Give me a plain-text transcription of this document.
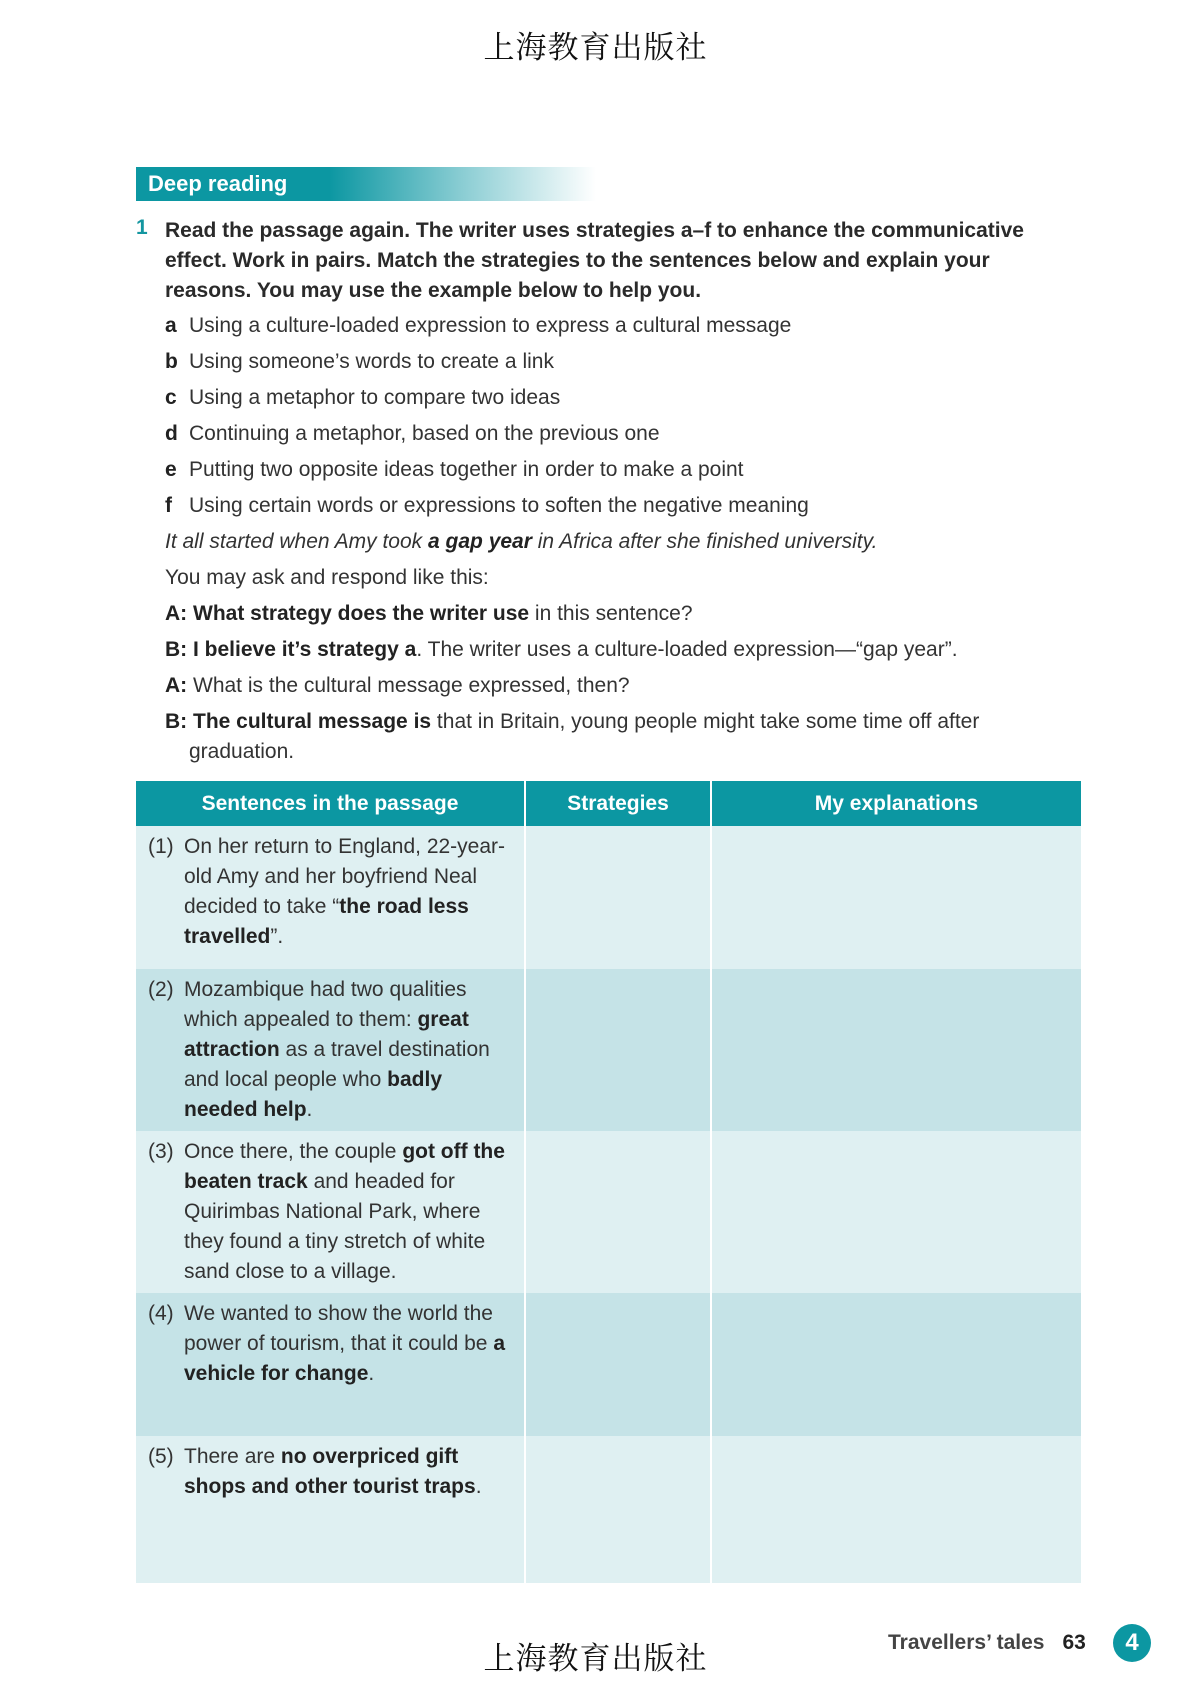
上海教育出版社
Deep reading
1 Read the passage again. The writer uses strategies a–f to enhance the communicative effect. Work in pairs. Match the strategies to the sentences below and explain your reasons. You may use the example below to help you.
a Using a culture-loaded expression to express a cultural message
b Using someone’s words to create a link
c Using a metaphor to compare two ideas
d Continuing a metaphor, based on the previous one
e Putting two opposite ideas together in order to make a point
f Using certain words or expressions to soften the negative meaning
It all started when Amy took a gap year in Africa after she finished university.
You may ask and respond like this:
A: What strategy does the writer use in this sentence?
B: I believe it’s strategy a. The writer uses a culture-loaded expression—“gap year”.
A: What is the cultural message expressed, then?
B: The cultural message is that in Britain, young people might take some time off after
graduation.
Sentences in the passage	Strategies	My explanations

(1) On her return to England, 22-year-old Amy and her boyfriend Neal decided to take “the road less travelled”.		

(2) Mozambique had two qualities which appealed to them: great attraction as a travel destination and local people who badly needed help.		

(3) Once there, the couple got off the beaten track and headed for Quirimbas National Park, where they found a tiny stretch of white sand close to a village.		

(4) We wanted to show the world the power of tourism, that it could be a vehicle for change.		

(5) There are no overpriced gift shops and other tourist traps.		

上海教育出版社	Travellers’ tales 63	4
